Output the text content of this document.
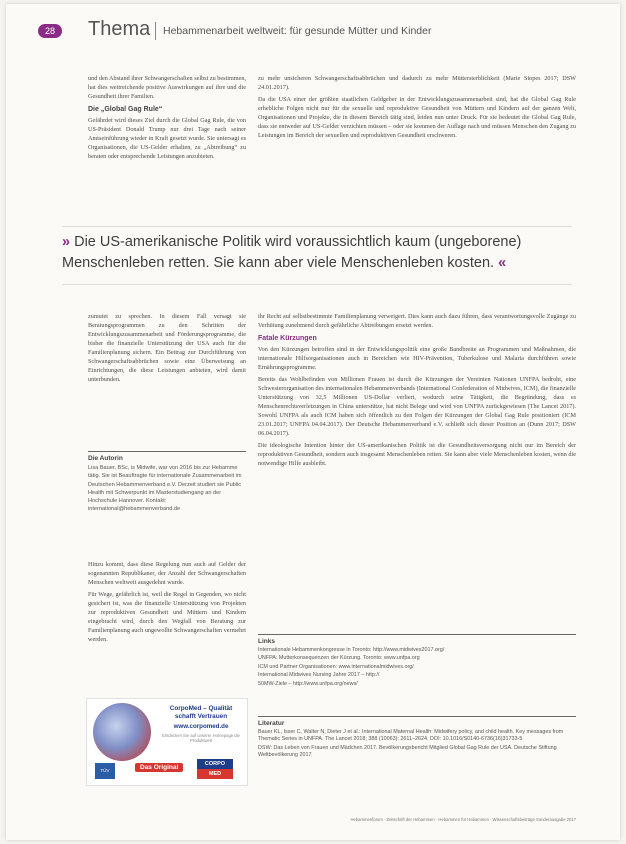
28	Thema Hebammenarbeit weltweit: für gesunde Mütter und Kinder

und den Abstand ihrer Schwangerschaften selbst zu bestimmen, hat dies weitreichende positive Auswirkungen auf ihre und die Gesundheit ihrer Familien.

Die „Global Gag Rule“

Gefährdet wird dieses Ziel durch die Global Gag Rule, die von US-Präsident Donald Trump nur drei Tage nach seiner Amtseinführung wieder in Kraft gesetzt wurde. Sie untersagt es Organisationen, die US-Gelder erhalten, zu „Abtreibung“ zu beraten oder entsprechende Leistungen anzubieten.

zu mehr unsicheren Schwangerschaftsabbrüchen und dadurch zu mehr Müttersterblichkeit (Marie Stopes 2017; DSW 24.01.2017).

Da die USA einer der größten staatlichen Geldgeber in der Entwicklungszusammenarbeit sind, hat die Global Gag Rule erhebliche Folgen nicht nur für die sexuelle und reproduktive Gesundheit von Müttern und Kindern auf der ganzen Welt, Organisationen und Projekte, die in diesem Bereich tätig sind, leiden nun unter Druck. Für sie bedeutet die Global Gag Rule, dass sie entweder auf US-Gelder verzichten müssen – oder sie kommen der Auflage nach und müssen Menschen den Zugang zu Leistungen im Bereich der sexuellen und reproduktiven Gesundheit erschweren.

» Die US-amerikanische Politik wird voraussichtlich kaum (ungeborene) Menschenleben retten. Sie kann aber viele Menschenleben kosten. «

zumutet zu sprechen. In diesem Fall versagt sie Beratungsprogrammen zu den Schritten der Entwicklungszusammenarbeit und Förderungsprogramme, die bisher die finanzielle Unterstützung der USA auch für die Familienplanung sichern. Ein Beitrag zur Durchführung von Schwangerschaftsabbrüchen sowie eine Überweisung an Einrichtungen, die diese Leistungen anbieten, wird damit unterbunden.

Die Autorin
Lisa Bauer, BSc, is Midwife, war von 2016 bis zur Hebamme tätig. Sie ist Beauftragte für internationale Zusammenarbeit im Deutschen Hebammenverband e.V. Derzeit studiert sie Public Health mit Schwerpunkt im Masterstudiengang an der Hochschule Hannover. Kontakt: international@hebammenverband.de

Hinzu kommt, dass diese Regelung nun auch auf Gelder der sogenannten Republikaner, der Anzahl der Schwangerschaften Menschen weltweit ausgedehnt wurde.

Für Wege, gefährlich ist, weil die Regel in Gegenden, wo nicht gesichert ist, was die finanzielle Unterstützung von Projekten zur reproduktiven Gesundheit und Müttern und Kindern eingebracht wird, durch den Wegfall von Beratung zur Familienplanung auch ungewollte Schwangerschaften vermehrt werden.

ihr Recht auf selbstbestimmte Familienplanung verweigert. Dies kann auch dazu führen, dass verantwortungsvolle Zugänge zu Verhütung zunehmend durch gefährliche Abtreibungen ersetzt werden.

Fatale Kürzungen

Von den Kürzungen betroffen sind in der Entwicklungspolitik eine große Bandbreite an Programmen und Maßnahmen, die internationale Hilfsorganisationen auch in Bereichen wie HIV-Prävention, Tuberkulose und Malaria durchführen sowie Ernährungsprogramme.

Bereits das Wohlbefinden von Millionen Frauen ist durch die Kürzungen der Vereinten Nationen UNFPA bedroht, eine Schwesterorganisation des internationalen Hebammenverbands (International Confederation of Midwives, ICM), die finanzielle Unterstützung von 32,5 Millionen US-Dollar verliert, wodurch seine Tätigkeit, die Begründung, dass es Menschenrechtsverletzungen in China unterstütze, hat nicht Belege und wird von UNFPA zurückgewiesen (The Lancet 2017). Sowohl UNFPA als auch ICM haben sich öffentlich zu den Folgen der Kürzungen der Global Gag Rule positioniert (ICM 23.01.2017; UNFPA 04.04.2017). Der Deutsche Hebammenverband e.V. schließt sich dieser Position an (Dunn 2017; DSW 06.04.2017).

Die ideologische Intention hinter der US-amerikanischen Politik ist die Gesundheitsversorgung nicht nur im Bereich der reproduktiven Gesundheit, sondern auch insgesamt Menschenleben retten. Sie kann aber viele Menschenleben kosten, wenn die notwendige Hilfe ausbleibt.

Links

Internationale Hebammenkongresse in Toronto: http://www.midwives2017.org/

UNFPA: Mutterkonsequenzen der Kürzung. Toronto: www.unfpa.org

ICM und Partner Organisationen: www.internationalmidwives.org/

International Midwives Nursing Jahre 2017 – http://

50MW-Ziele – http://www.unfpa.org/news/

Literatur

Bauer KL, Isser C, Walter N, Dieter J et al.: International Maternal Health: Midwifery policy, and child health. Key messages from Thematic Series in UNFPA. The Lancet 2018; 388 (10063): 2611–2624. DOI: 10.1016/S0140-6736(16)31733-5

DSW: Das Leben von Frauen und Mädchen 2017. Bevölkerungsbericht Mitglied Global Gag Rule der USA. Deutsche Stiftung Weltbevölkerung 2017

CorpoMed – Qualität schafft Vertrauen
www.corpomed.de
Entdecken Sie auf unserer Homepage die Produktwelt
TÜV	Das Original	CORPO
MED
Hebammenforum · Zeitschrift der Hebammen · Hebammen für Hebammen · Wissenschaftsbeiträge Sonderausgabe 2017
